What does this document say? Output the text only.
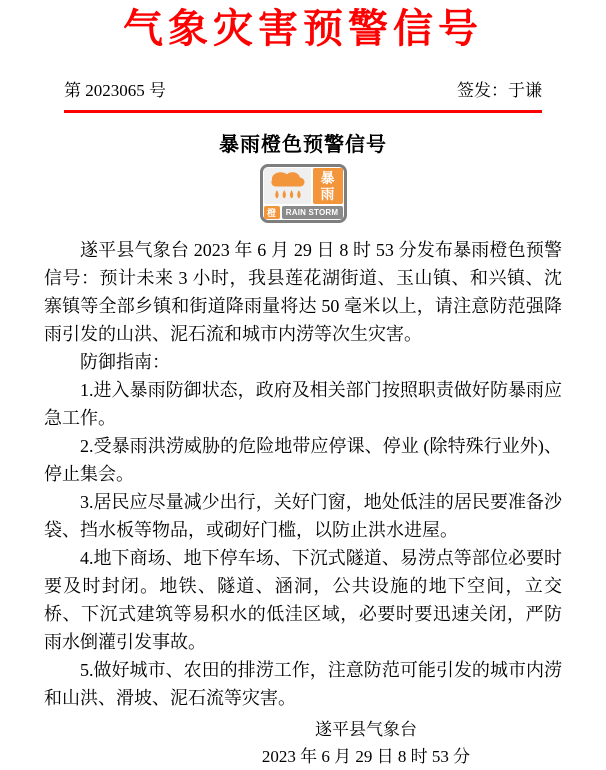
气象灾害预警信号
第 2023065 号	签发：于谦
暴雨橙色预警信号
暴
雨
橙	RAIN STORM

遂平县气象台 2023 年 6 月 29 日 8 时 53 分发布暴雨橙色预警信号：预计未来 3 小时，我县莲花湖街道、玉山镇、和兴镇、沈寨镇等全部乡镇和街道降雨量将达 50 毫米以上，请注意防范强降雨引发的山洪、泥石流和城市内涝等次生灾害。

防御指南：

1.进入暴雨防御状态，政府及相关部门按照职责做好防暴雨应急工作。

2.受暴雨洪涝威胁的危险地带应停课、停业 (除特殊行业外)、停止集会。

3.居民应尽量减少出行，关好门窗，地处低洼的居民要准备沙袋、挡水板等物品，或砌好门槛，以防止洪水进屋。

4.地下商场、地下停车场、下沉式隧道、易涝点等部位必要时要及时封闭。地铁、隧道、涵洞，公共设施的地下空间，立交桥、下沉式建筑等易积水的低洼区域，必要时要迅速关闭，严防雨水倒灌引发事故。

5.做好城市、农田的排涝工作，注意防范可能引发的城市内涝和山洪、滑坡、泥石流等灾害。

遂平县气象台
2023 年 6 月 29 日 8 时 53 分
